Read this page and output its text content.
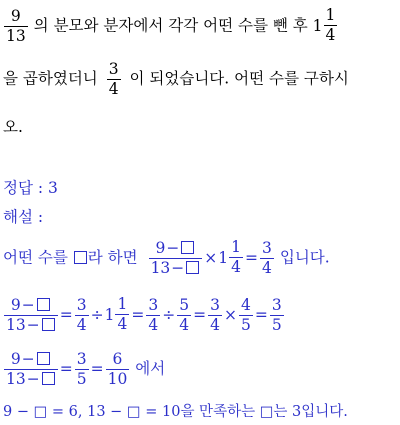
$\frac{9}{13}$ 의 분모와 분자에서 각각 어떤 수를 뺀 후 $1 \frac{1}{4}$
을 곱하였더니 $\frac{3}{4}$ 이 되었습니다. 어떤 수를 구하시
오.
정답 : 3
해설 :
어떤 수를 라 하면 $\frac{9-}{13-} \times 1 \frac{1}{4} = \frac{3}{4}$ 입니다.
$\frac{9-}{13-} = \frac{3}{4} \div 1 \frac{1}{4} = \frac{3}{4} \div \frac{5}{4} = \frac{3}{4} \times \frac{4}{5} = \frac{3}{5}$
$\frac{9-}{13-} = \frac{3}{5} = \frac{6}{10}$ 에서
9 − □ = 6, 13 − □ = 10을 만족하는 □는 3입니다.
